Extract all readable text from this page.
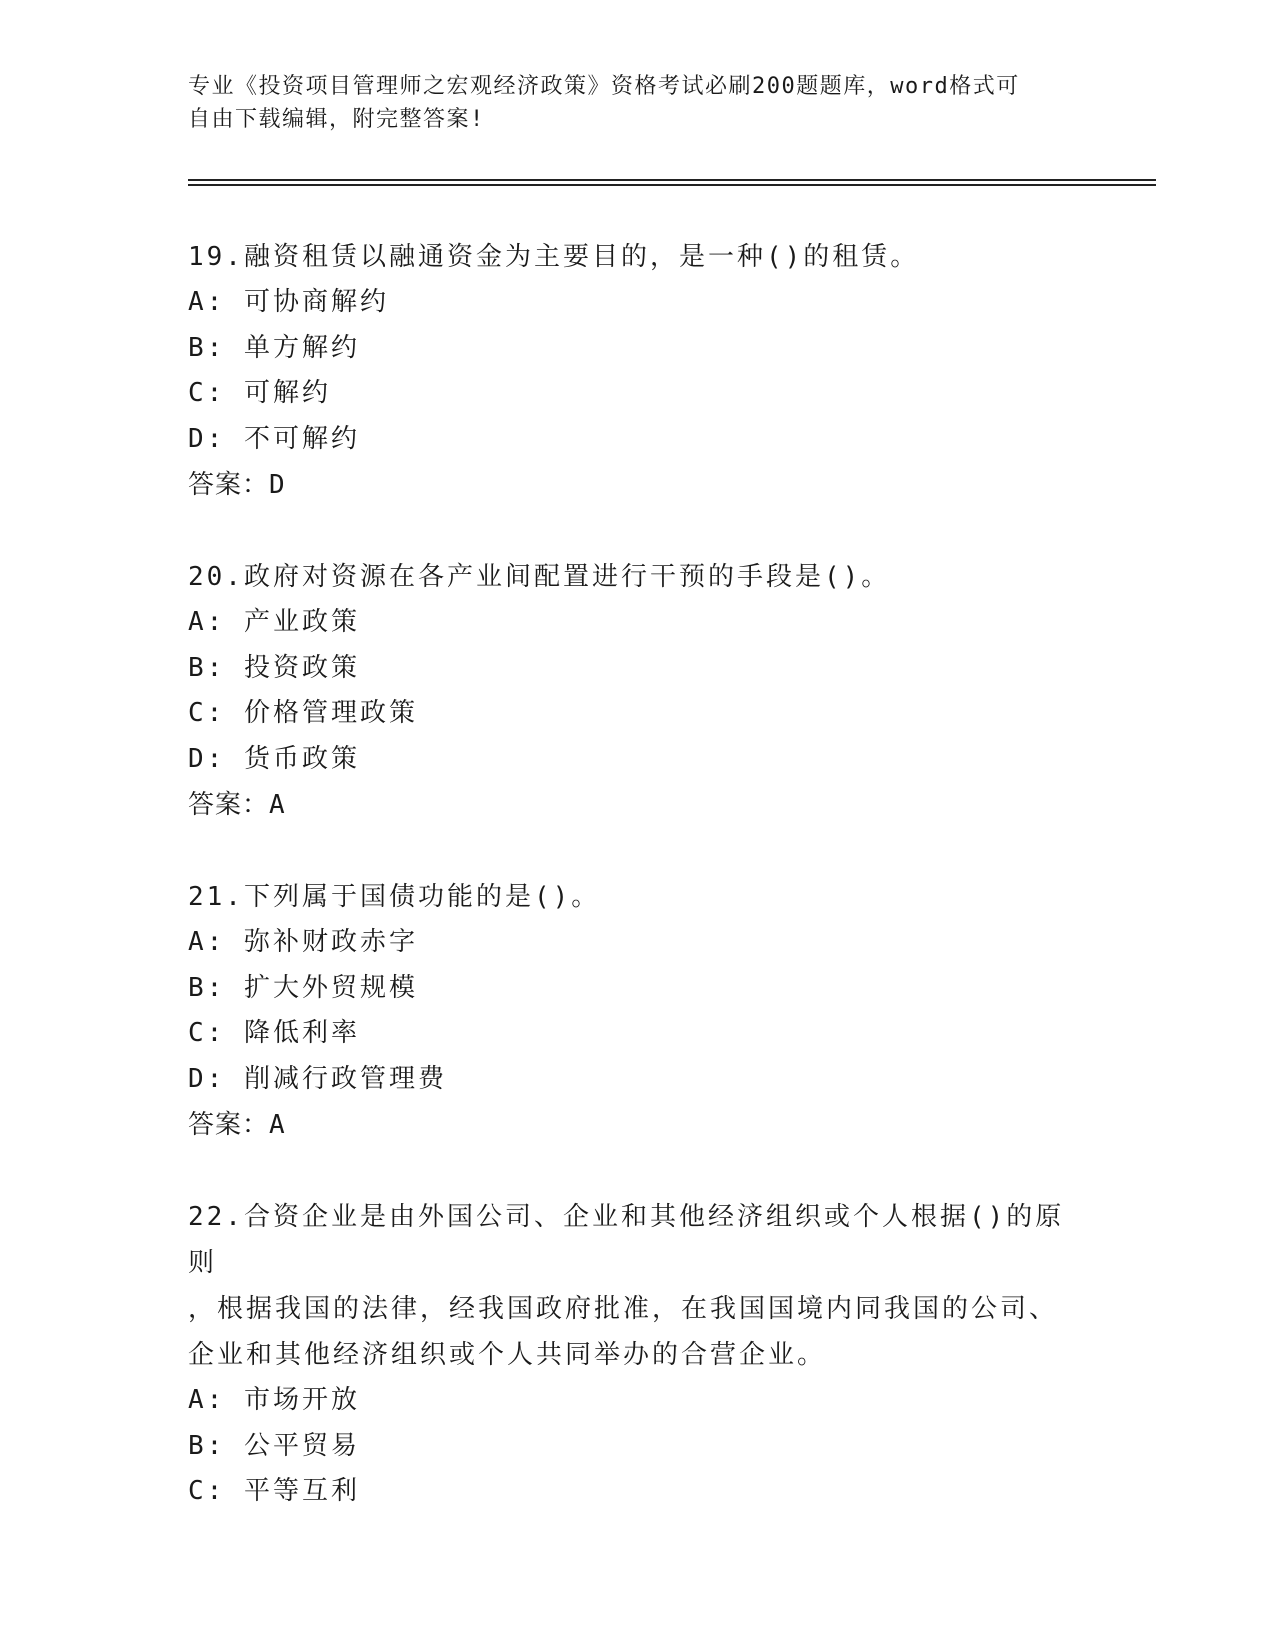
专业《投资项目管理师之宏观经济政策》资格考试必刷200题题库，word格式可
自由下载编辑，附完整答案!
19.融资租赁以融通资金为主要目的，是一种()的租赁。
A: 可协商解约
B: 单方解约
C: 可解约
D: 不可解约
答案：D
20.政府对资源在各产业间配置进行干预的手段是()。
A: 产业政策
B: 投资政策
C: 价格管理政策
D: 货币政策
答案：A
21.下列属于国债功能的是()。
A: 弥补财政赤字
B: 扩大外贸规模
C: 降低利率
D: 削减行政管理费
答案：A
22.合资企业是由外国公司、企业和其他经济组织或个人根据()的原则
，根据我国的法律，经我国政府批准，在我国国境内同我国的公司、
企业和其他经济组织或个人共同举办的合营企业。
A: 市场开放
B: 公平贸易
C: 平等互利
